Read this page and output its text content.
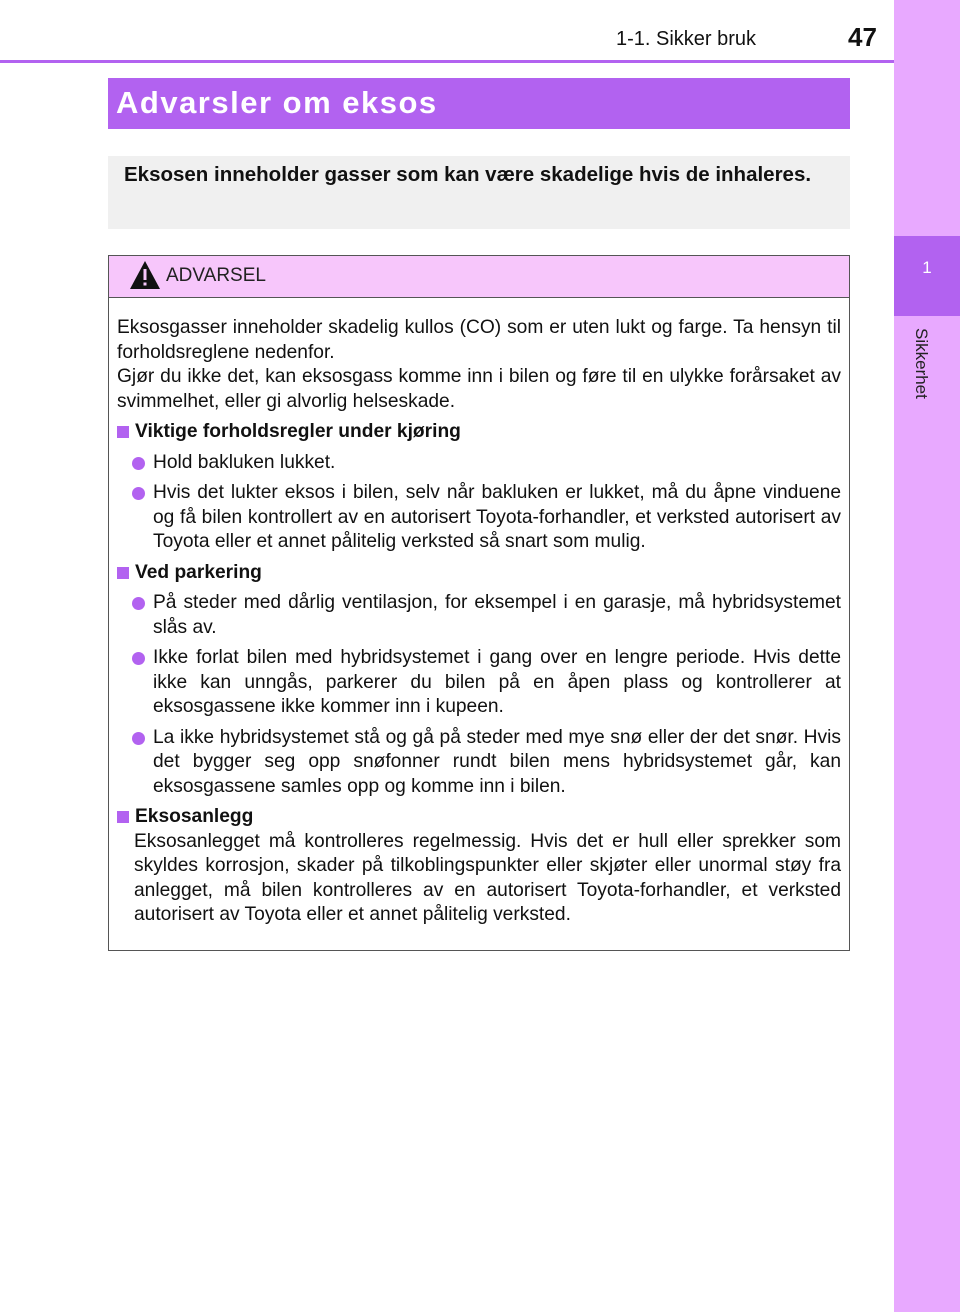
1
Sikkerhet
1-1. Sikker bruk	47
Advarsler om eksos
Eksosen inneholder gasser som kan være skadelige hvis de inhaleres.
ADVARSEL
Eksosgasser inneholder skadelig kullos (CO) som er uten lukt og farge. Ta hensyn til forholdsreglene nedenfor.
Gjør du ikke det, kan eksosgass komme inn i bilen og føre til en ulykke forårsaket av svimmelhet, eller gi alvorlig helseskade.
Viktige forholdsregler under kjøring
Hold bakluken lukket.
Hvis det lukter eksos i bilen, selv når bakluken er lukket, må du åpne vinduene og få bilen kontrollert av en autorisert Toyota-forhandler, et verksted autorisert av Toyota eller et annet pålitelig verksted så snart som mulig.
Ved parkering
På steder med dårlig ventilasjon, for eksempel i en garasje, må hybridsystemet slås av.
Ikke forlat bilen med hybridsystemet i gang over en lengre periode. Hvis dette ikke kan unngås, parkerer du bilen på en åpen plass og kontrollerer at eksosgassene ikke kommer inn i kupeen.
La ikke hybridsystemet stå og gå på steder med mye snø eller der det snør. Hvis det bygger seg opp snøfonner rundt bilen mens hybridsystemet går, kan eksosgassene samles opp og komme inn i bilen.
Eksosanlegg
Eksosanlegget må kontrolleres regelmessig. Hvis det er hull eller sprekker som skyldes korrosjon, skader på tilkoblingspunkter eller skjøter eller unormal støy fra anlegget, må bilen kontrolleres av en autorisert Toyota-forhandler, et verksted autorisert av Toyota eller et annet pålitelig verksted.
